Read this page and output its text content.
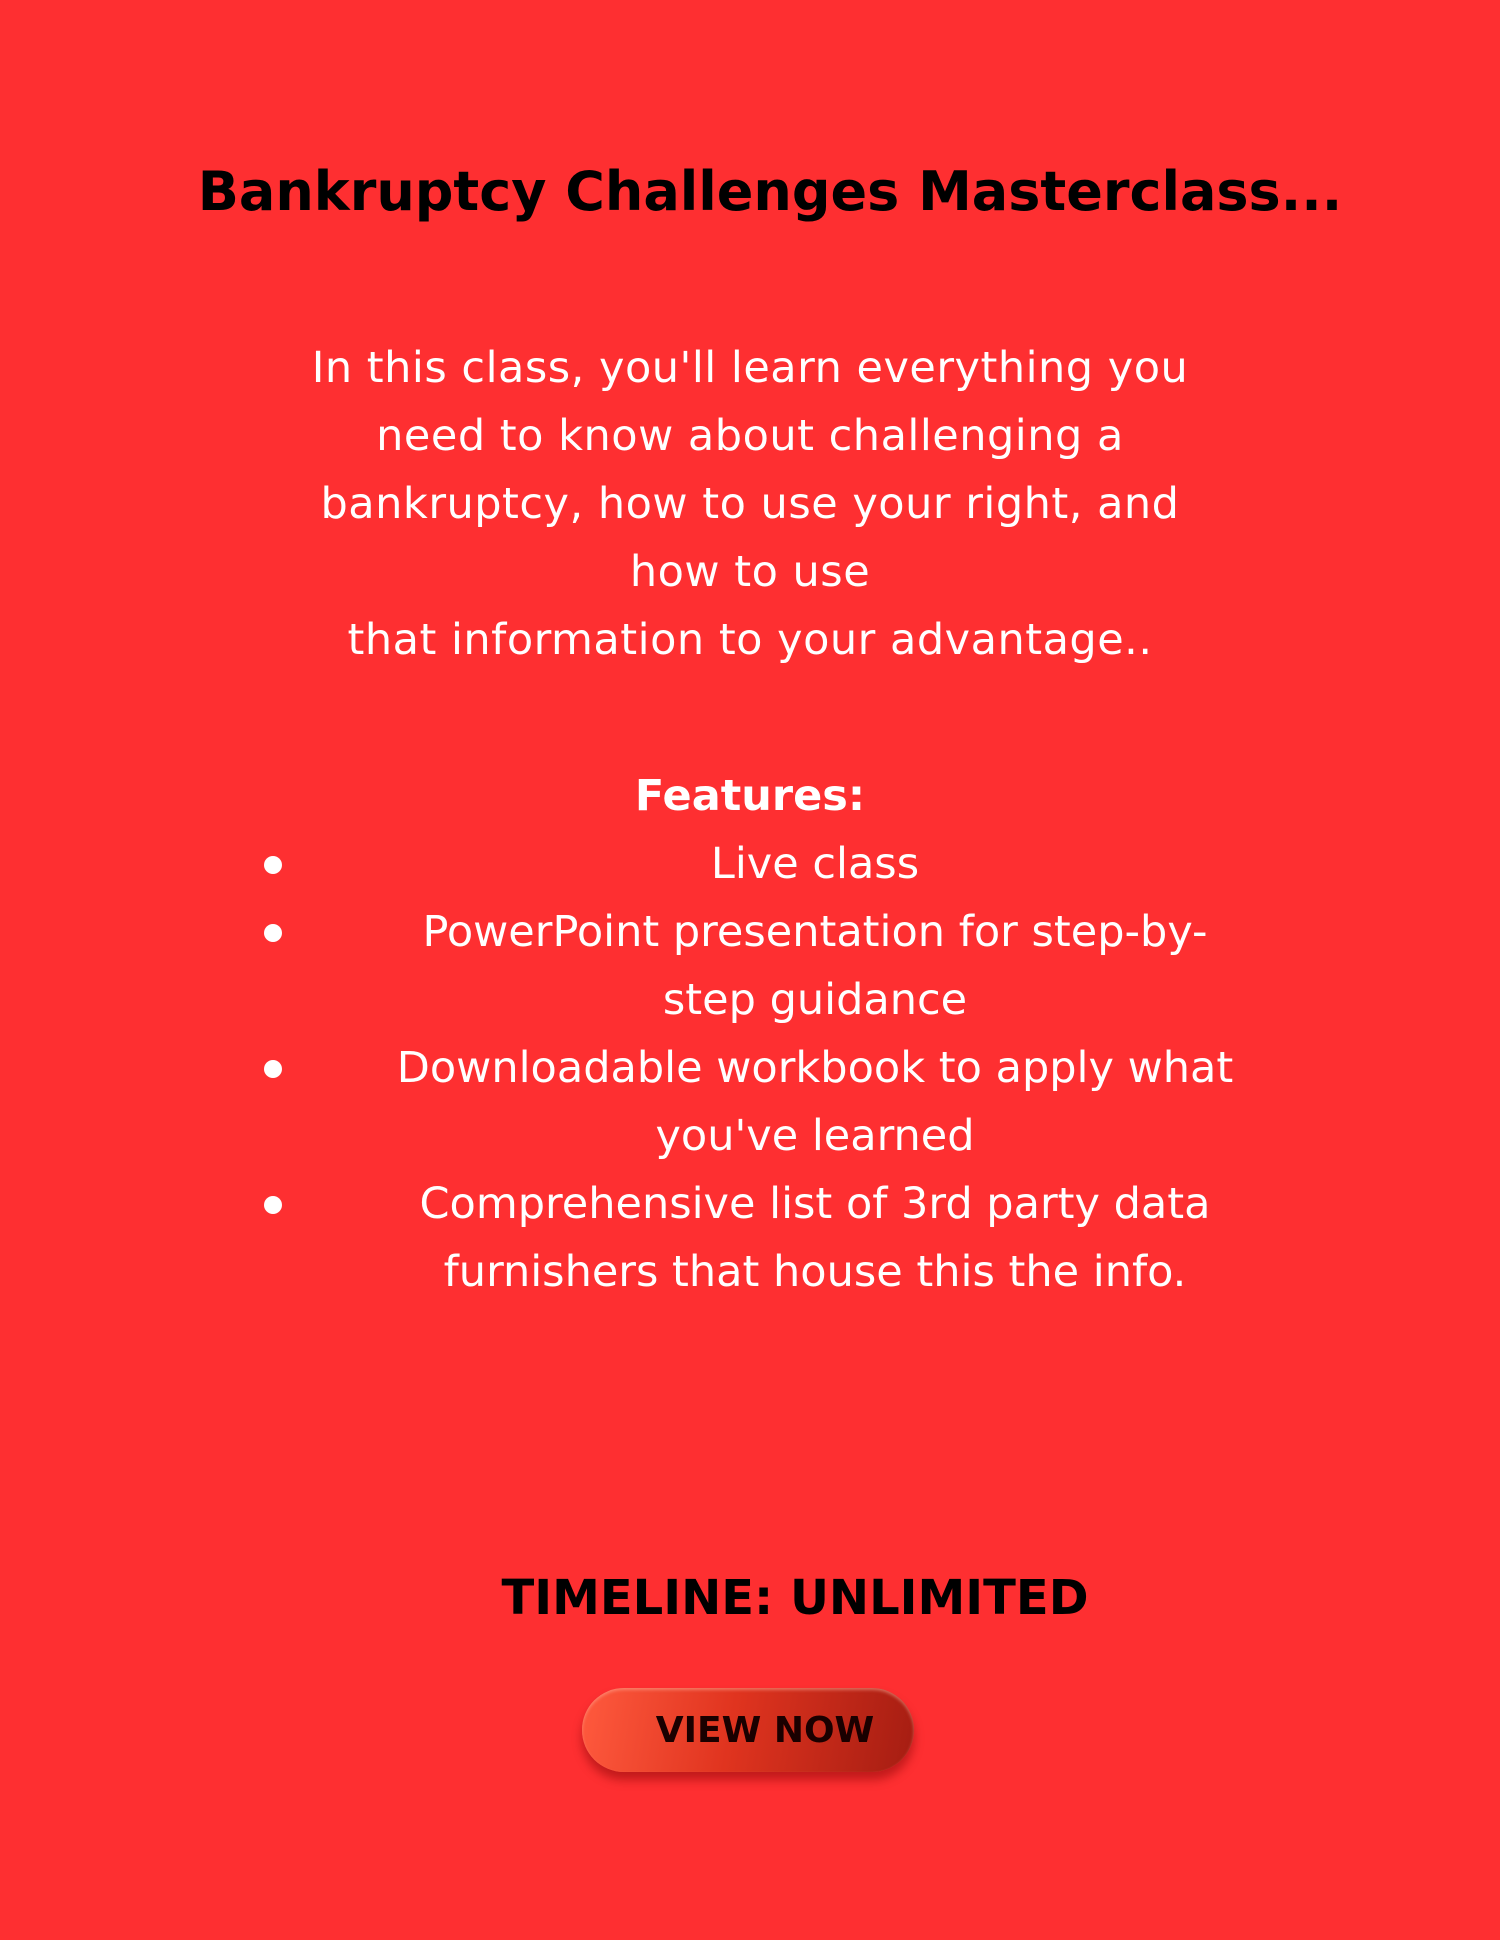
Bankruptcy Challenges Masterclass...

In this class, you'll learn everything you
need to know about challenging a
bankruptcy, how to use your right, and
how to use
that information to your advantage..

Features:
Live class
PowerPoint presentation for step-by-
step guidance
Downloadable workbook to apply what
you've learned
Comprehensive list of 3rd party data
furnishers that house this the info.
TIMELINE: UNLIMITED
VIEW NOW
